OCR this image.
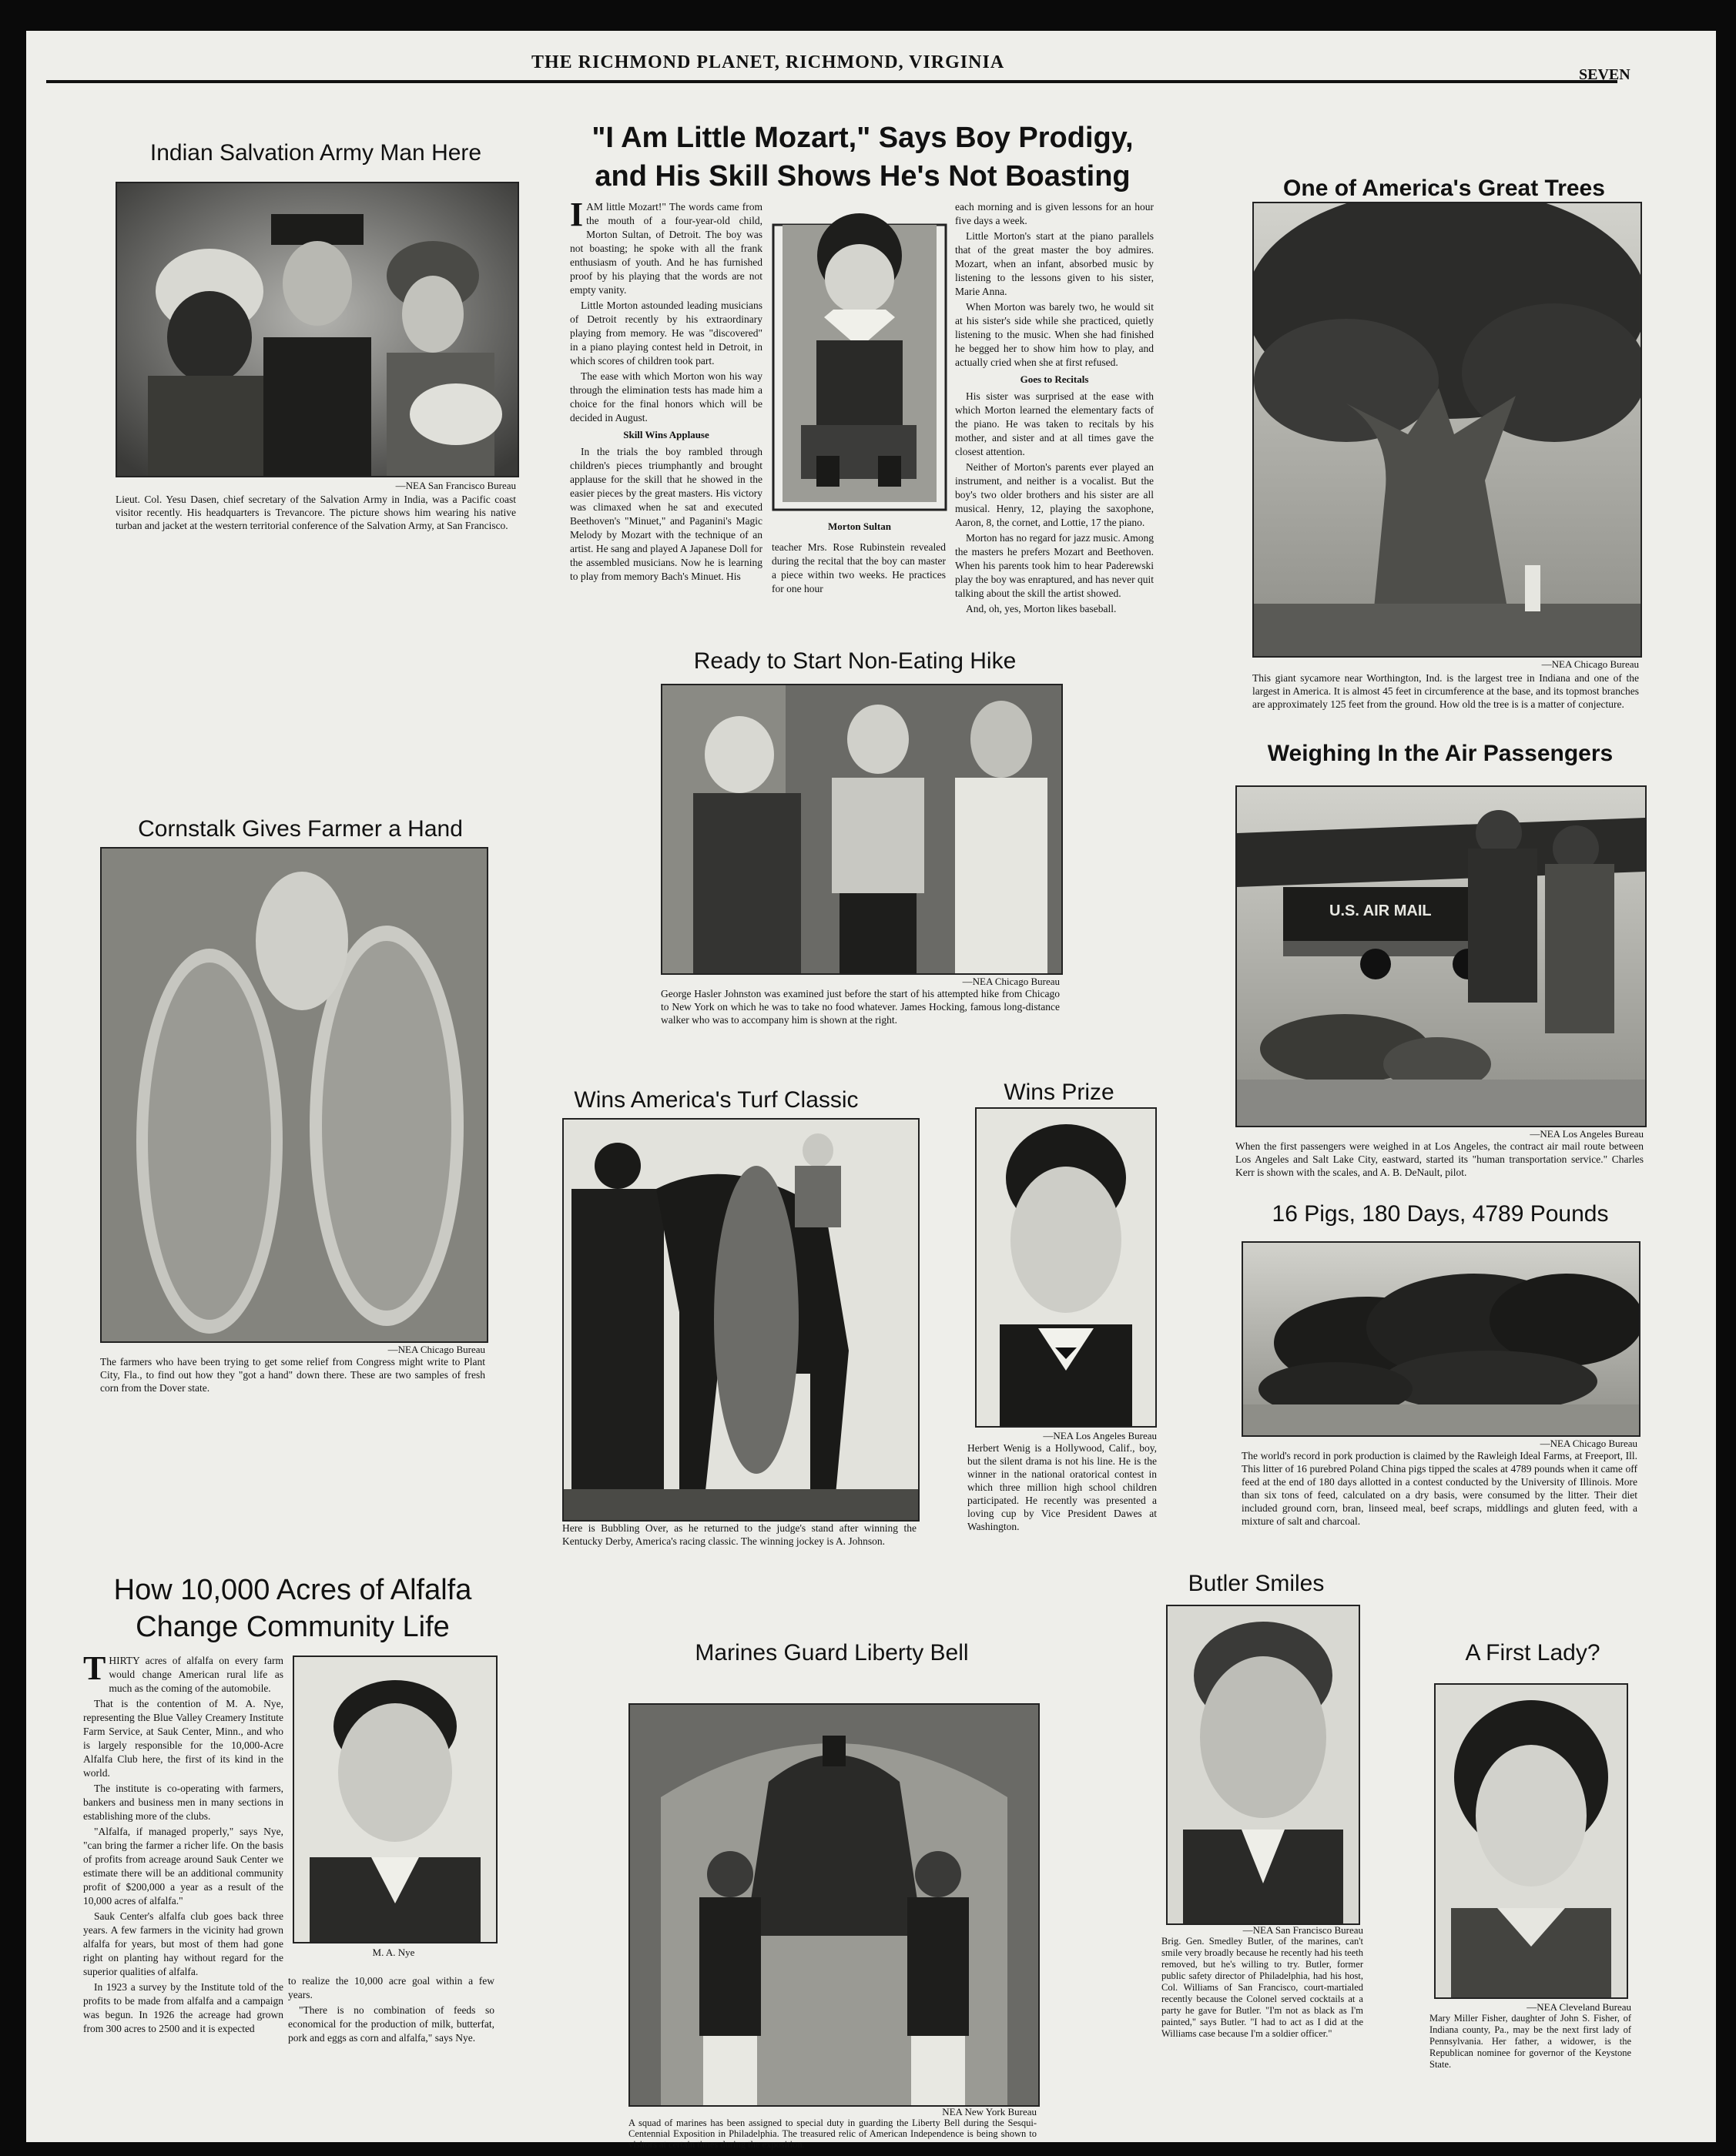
THE RICHMOND PLANET, RICHMOND, VIRGINIA
SEVEN
Indian Salvation Army Man Here
—NEA San Francisco Bureau
Lieut. Col. Yesu Dasen, chief secretary of the Salvation Army in India, was a Pacific coast visitor recently. His headquarters is Trevancore. The picture shows him wearing his native turban and jacket at the western territorial conference of the Salvation Army, at San Francisco.
"I Am Little Mozart," Says Boy Prodigy,
and His Skill Shows He's Not Boasting
I AM little Mozart!" The words came from the mouth of a four-year-old child, Morton Sultan, of Detroit. The boy was not boasting; he spoke with all the frank enthusiasm of youth. And he has furnished proof by his playing that the words are not empty vanity.

Little Morton astounded leading musicians of Detroit recently by his extraordinary playing from memory. He was "discovered" in a piano playing contest held in Detroit, in which scores of children took part.

The ease with which Morton won his way through the elimination tests has made him a choice for the final honors which will be decided in August.

Skill Wins Applause

In the trials the boy rambled through children's pieces triumphantly and brought applause for the skill that he showed in the easier pieces by the great masters. His victory was climaxed when he sat and executed Beethoven's "Minuet," and Paganini's Magic Melody by Mozart with the technique of an artist. He sang and played A Japanese Doll for the assembled musicians. Now he is learning to play from memory Bach's Minuet. His

Morton Sultan

teacher Mrs. Rose Rubinstein revealed during the recital that the boy can master a piece within two weeks. He practices for one hour

each morning and is given lessons for an hour five days a week.

Little Morton's start at the piano parallels that of the great master the boy admires. Mozart, when an infant, absorbed music by listening to the lessons given to his sister, Marie Anna.

When Morton was barely two, he would sit at his sister's side while she practiced, quietly listening to the music. When she had finished he begged her to show him how to play, and actually cried when she at first refused.

Goes to Recitals

His sister was surprised at the ease with which Morton learned the elementary facts of the piano. He was taken to recitals by his mother, and sister and at all times gave the closest attention.

Neither of Morton's parents ever played an instrument, and neither is a vocalist. But the boy's two older brothers and his sister are all musical. Henry, 12, playing the saxophone, Aaron, 8, the cornet, and Lottie, 17 the piano.

Morton has no regard for jazz music. Among the masters he prefers Mozart and Beethoven. When his parents took him to hear Paderewski play the boy was enraptured, and has never quit talking about the skill the artist showed.

And, oh, yes, Morton likes baseball.

One of America's Great Trees
—NEA Chicago Bureau
This giant sycamore near Worthington, Ind. is the largest tree in Indiana and one of the largest in America. It is almost 45 feet in circumference at the base, and its topmost branches are approximately 125 feet from the ground. How old the tree is is a matter of conjecture.
Ready to Start Non-Eating Hike
—NEA Chicago Bureau
George Hasler Johnston was examined just before the start of his attempted hike from Chicago to New York on which he was to take no food whatever. James Hocking, famous long-distance walker who was to accompany him is shown at the right.
Weighing In the Air Passengers
U.S. AIR MAIL
—NEA Los Angeles Bureau
When the first passengers were weighed in at Los Angeles, the contract air mail route between Los Angeles and Salt Lake City, eastward, started its "human transportation service." Charles Kerr is shown with the scales, and A. B. DeNault, pilot.
Cornstalk Gives Farmer a Hand
—NEA Chicago Bureau
The farmers who have been trying to get some relief from Congress might write to Plant City, Fla., to find out how they "got a hand" down there. These are two samples of fresh corn from the Dover state.
Wins America's Turf Classic
Here is Bubbling Over, as he returned to the judge's stand after winning the Kentucky Derby, America's racing classic. The winning jockey is A. Johnson.
Wins Prize
—NEA Los Angeles Bureau
Herbert Wenig is a Hollywood, Calif., boy, but the silent drama is not his line. He is the winner in the national oratorical contest in which three million high school children participated. He recently was presented a loving cup by Vice President Dawes at Washington.
16 Pigs, 180 Days, 4789 Pounds
—NEA Chicago Bureau
The world's record in pork production is claimed by the Rawleigh Ideal Farms, at Freeport, Ill. This litter of 16 purebred Poland China pigs tipped the scales at 4789 pounds when it came off feed at the end of 180 days allotted in a contest conducted by the University of Illinois. More than six tons of feed, calculated on a dry basis, were consumed by the litter. Their diet included ground corn, bran, linseed meal, beef scraps, middlings and gluten feed, with a mixture of salt and charcoal.
How 10,000 Acres of Alfalfa
Change Community Life
T HIRTY acres of alfalfa on every farm would change American rural life as much as the coming of the automobile.

That is the contention of M. A. Nye, representing the Blue Valley Creamery Institute Farm Service, at Sauk Center, Minn., and who is largely responsible for the 10,000-Acre Alfalfa Club here, the first of its kind in the world.

The institute is co-operating with farmers, bankers and business men in many sections in establishing more of the clubs.

"Alfalfa, if managed properly," says Nye, "can bring the farmer a richer life. On the basis of profits from acreage around Sauk Center we estimate there will be an additional community profit of $200,000 a year as a result of the 10,000 acres of alfalfa."

Sauk Center's alfalfa club goes back three years. A few farmers in the vicinity had grown alfalfa for years, but most of them had gone right on planting hay without regard for the superior qualities of alfalfa.

In 1923 a survey by the Institute told of the profits to be made from alfalfa and a campaign was begun. In 1926 the acreage had grown from 300 acres to 2500 and it is expected

M. A. Nye

to realize the 10,000 acre goal within a few years.

"There is no combination of feeds so economical for the production of milk, butterfat, pork and eggs as corn and alfalfa," says Nye.

Marines Guard Liberty Bell
NEA New York Bureau
A squad of marines has been assigned to special duty in guarding the Liberty Bell during the Sesqui-Centennial Exposition in Philadelphia. The treasured relic of American Independence is being shown to visitors at certain times during the exposition.
Butler Smiles
—NEA San Francisco Bureau
Brig. Gen. Smedley Butler, of the marines, can't smile very broadly because he recently had his teeth removed, but he's willing to try. Butler, former public safety director of Philadelphia, had his host, Col. Williams of San Francisco, court-martialed recently because the Colonel served cocktails at a party he gave for Butler. "I'm not as black as I'm painted," says Butler. "I had to act as I did at the Williams case because I'm a soldier officer."
A First Lady?
—NEA Cleveland Bureau
Mary Miller Fisher, daughter of John S. Fisher, of Indiana county, Pa., may be the next first lady of Pennsylvania. Her father, a widower, is the Republican nominee for governor of the Keystone State.
